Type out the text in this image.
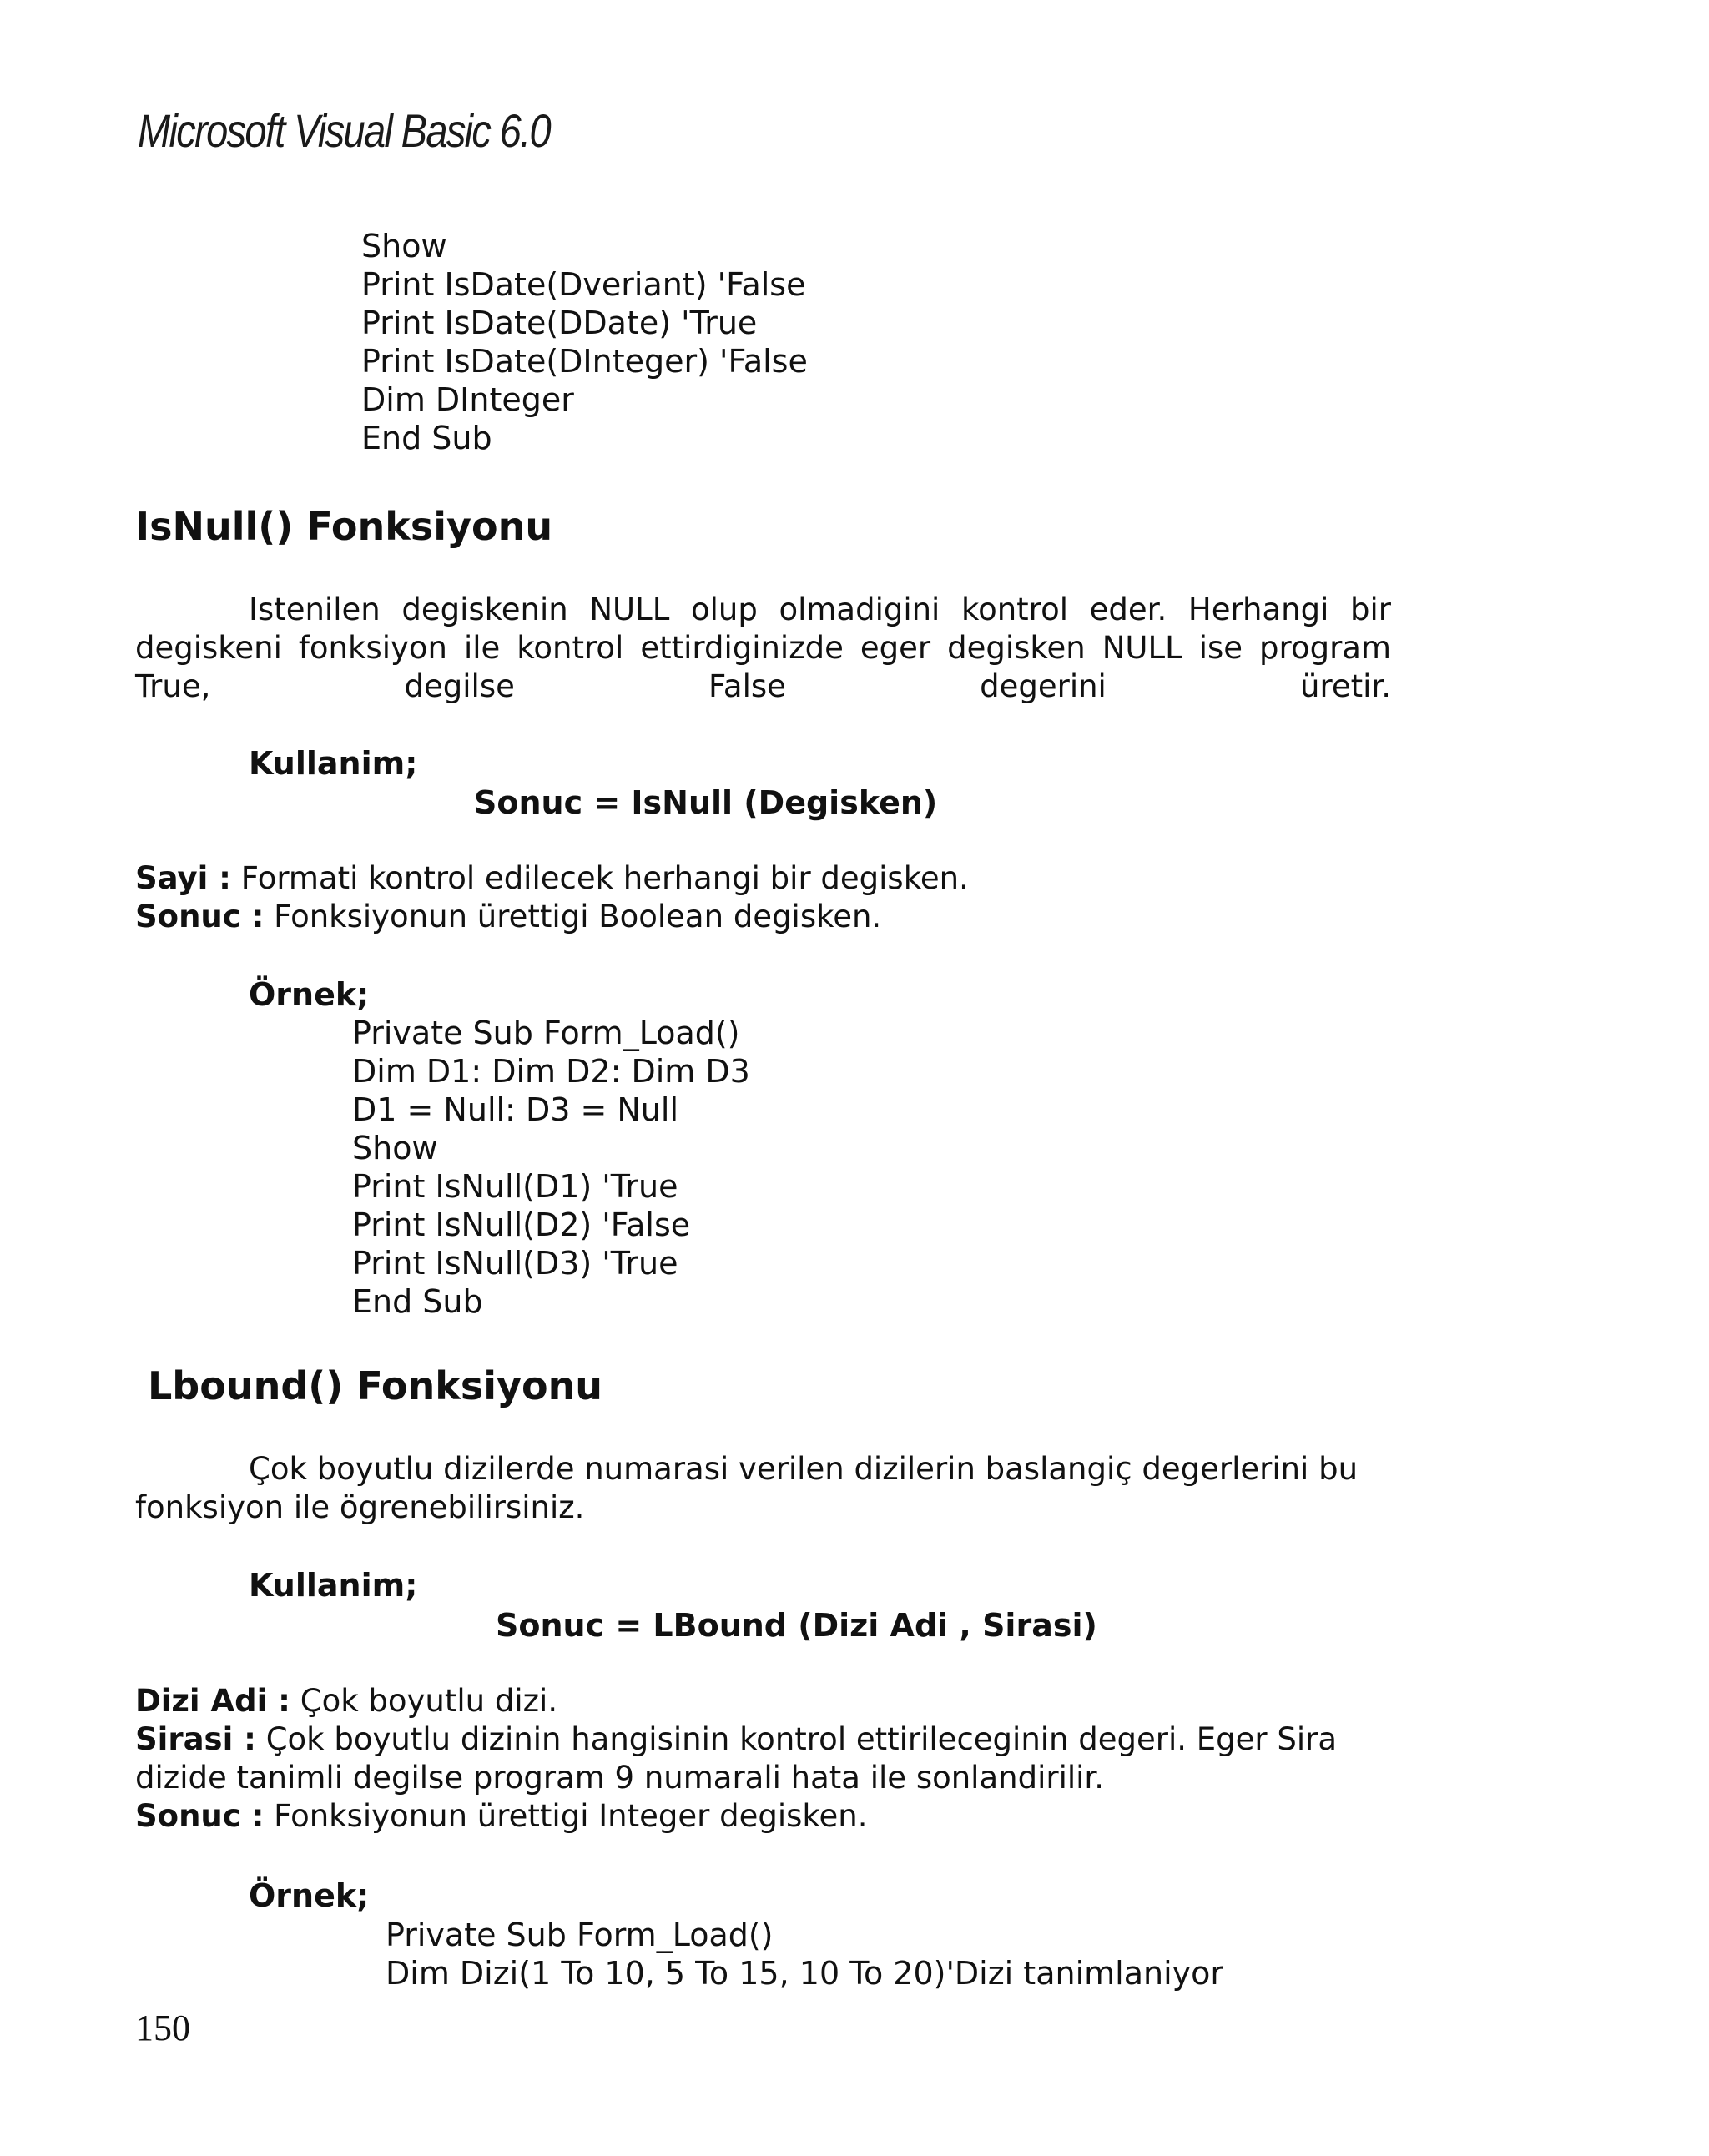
Microsoft Visual Basic 6.0
Show
Print IsDate(Dveriant) 'False
Print IsDate(DDate) 'True
Print IsDate(DInteger) 'False
Dim DInteger
End Sub
IsNull() Fonksiyonu
Istenilen degiskenin NULL olup olmadigini kontrol eder. Herhangi bir
degiskeni fonksiyon ile kontrol ettirdiginizde eger degisken NULL ise program
True,	degilse	False	degerini	üretir.
Kullanim;
Sonuc = IsNull (Degisken)
Sayi : Formati kontrol edilecek herhangi bir degisken.
Sonuc : Fonksiyonun ürettigi Boolean degisken.
Örnek;
Private Sub Form_Load()
Dim D1: Dim D2: Dim D3
D1 = Null: D3 = Null
Show
Print IsNull(D1) 'True
Print IsNull(D2) 'False
Print IsNull(D3) 'True
End Sub
Lbound() Fonksiyonu
Çok boyutlu dizilerde numarasi verilen dizilerin baslangiç degerlerini bu
fonksiyon ile ögrenebilirsiniz.
Kullanim;
Sonuc = LBound (Dizi Adi , Sirasi)
Dizi Adi : Çok boyutlu dizi.
Sirasi : Çok boyutlu dizinin hangisinin kontrol ettirileceginin degeri. Eger Sira
dizide tanimli degilse program 9 numarali hata ile sonlandirilir.
Sonuc : Fonksiyonun ürettigi Integer degisken.
Örnek;
Private Sub Form_Load()
Dim Dizi(1 To 10, 5 To 15, 10 To 20)'Dizi tanimlaniyor
150
